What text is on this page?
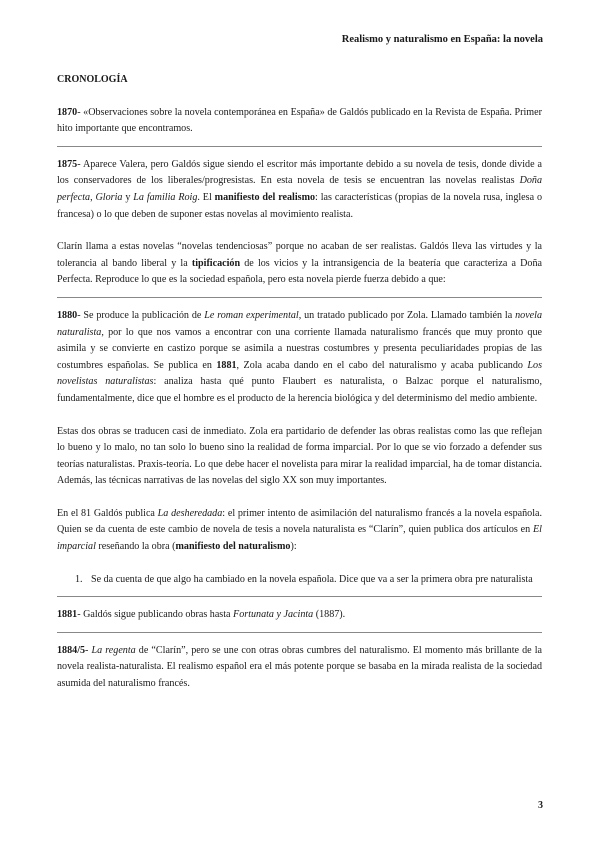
Realismo y naturalismo en España: la novela

CRONOLOGÍA

1870- «Observaciones sobre la novela contemporánea en España» de Galdós publicado en la Revista de España. Primer hito importante que encontramos.

1875- Aparece Valera, pero Galdós sigue siendo el escritor más importante debido a su novela de tesis, donde divide a los conservadores de los liberales/progresistas. En esta novela de tesis se encuentran las novelas realistas Doña perfecta, Gloria y La familia Roig. El manifiesto del realismo: las características (propias de la novela rusa, inglesa o francesa) o lo que deben de suponer estas novelas al movimiento realista.

Clarín llama a estas novelas “novelas tendenciosas” porque no acaban de ser realistas. Galdós lleva las virtudes y la tolerancia al bando liberal y la tipificación de los vicios y la intransigencia de la beatería que caracteriza a Doña Perfecta. Reproduce lo que es la sociedad española, pero esta novela pierde fuerza debido a que:

1880- Se produce la publicación de Le roman experimental, un tratado publicado por Zola. Llamado también la novela naturalista, por lo que nos vamos a encontrar con una corriente llamada naturalismo francés que muy pronto que asimila y se convierte en castizo porque se asimila a nuestras costumbres y presenta peculiaridades propias de las costumbres españolas. Se publica en 1881, Zola acaba dando en el cabo del naturalismo y acaba publicando Los novelistas naturalistas: analiza hasta qué punto Flaubert es naturalista, o Balzac porque el naturalismo, fundamentalmente, dice que el hombre es el producto de la herencia biológica y del determinismo del medio ambiente.

Estas dos obras se traducen casi de inmediato. Zola era partidario de defender las obras realistas como las que reflejan lo bueno y lo malo, no tan solo lo bueno sino la realidad de forma imparcial. Por lo que se vio forzado a defender sus teorías naturalistas. Praxis-teoría. Lo que debe hacer el novelista para mirar la realidad imparcial, ha de tomar distancia. Además, las técnicas narrativas de las novelas del siglo XX son muy importantes.

En el 81 Galdós publica La desheredada: el primer intento de asimilación del naturalismo francés a la novela española. Quien se da cuenta de este cambio de novela de tesis a novela naturalista es “Clarín”, quien publica dos artículos en El imparcial reseñando la obra (manifiesto del naturalismo):

1. Se da cuenta de que algo ha cambiado en la novela española. Dice que va a ser la primera obra pre naturalista

1881- Galdós sigue publicando obras hasta Fortunata y Jacinta (1887).

1884/5- La regenta de “Clarín”, pero se une con otras obras cumbres del naturalismo. El momento más brillante de la novela realista-naturalista. El realismo español era el más potente porque se basaba en la mirada realista de la sociedad asumida del naturalismo francés.

3
